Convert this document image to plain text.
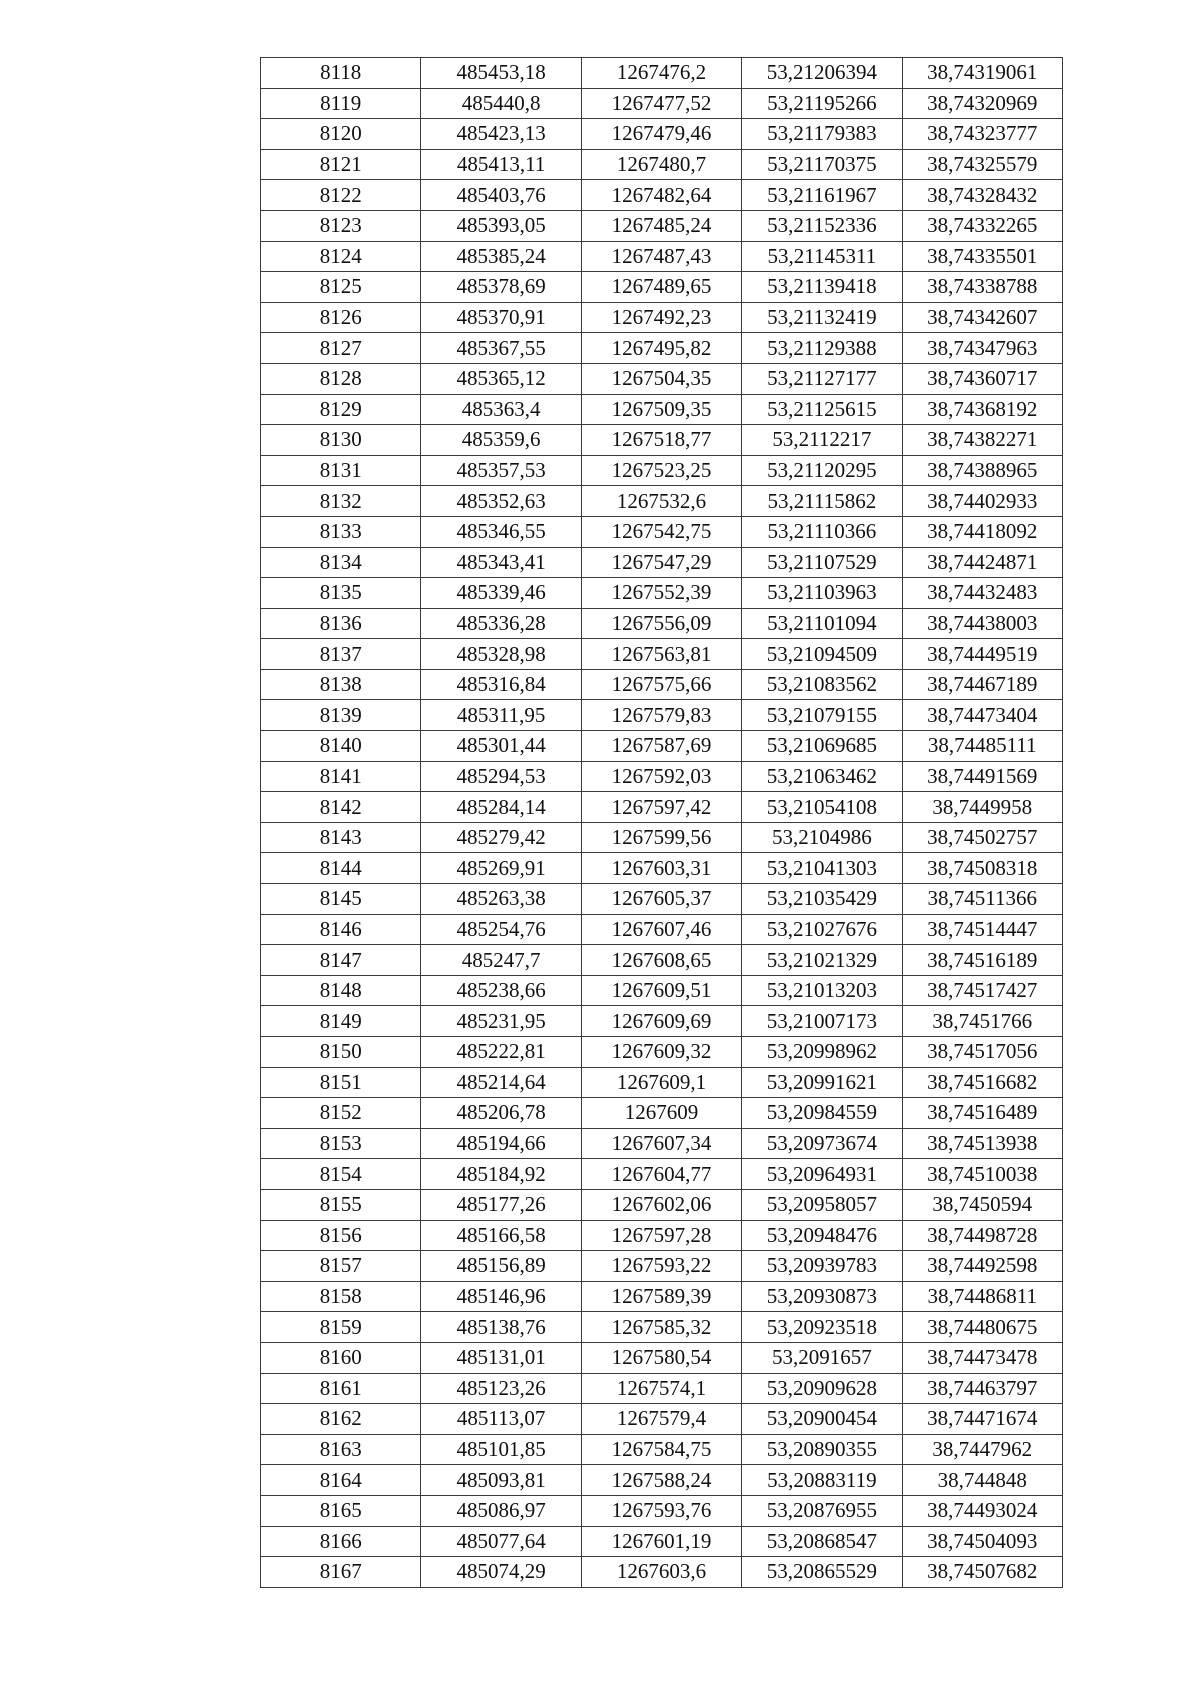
8118	485453,18	1267476,2	53,21206394	38,74319061
8119	485440,8	1267477,52	53,21195266	38,74320969
8120	485423,13	1267479,46	53,21179383	38,74323777
8121	485413,11	1267480,7	53,21170375	38,74325579
8122	485403,76	1267482,64	53,21161967	38,74328432
8123	485393,05	1267485,24	53,21152336	38,74332265
8124	485385,24	1267487,43	53,21145311	38,74335501
8125	485378,69	1267489,65	53,21139418	38,74338788
8126	485370,91	1267492,23	53,21132419	38,74342607
8127	485367,55	1267495,82	53,21129388	38,74347963
8128	485365,12	1267504,35	53,21127177	38,74360717
8129	485363,4	1267509,35	53,21125615	38,74368192
8130	485359,6	1267518,77	53,2112217	38,74382271
8131	485357,53	1267523,25	53,21120295	38,74388965
8132	485352,63	1267532,6	53,21115862	38,74402933
8133	485346,55	1267542,75	53,21110366	38,74418092
8134	485343,41	1267547,29	53,21107529	38,74424871
8135	485339,46	1267552,39	53,21103963	38,74432483
8136	485336,28	1267556,09	53,21101094	38,74438003
8137	485328,98	1267563,81	53,21094509	38,74449519
8138	485316,84	1267575,66	53,21083562	38,74467189
8139	485311,95	1267579,83	53,21079155	38,74473404
8140	485301,44	1267587,69	53,21069685	38,74485111
8141	485294,53	1267592,03	53,21063462	38,74491569
8142	485284,14	1267597,42	53,21054108	38,7449958
8143	485279,42	1267599,56	53,2104986	38,74502757
8144	485269,91	1267603,31	53,21041303	38,74508318
8145	485263,38	1267605,37	53,21035429	38,74511366
8146	485254,76	1267607,46	53,21027676	38,74514447
8147	485247,7	1267608,65	53,21021329	38,74516189
8148	485238,66	1267609,51	53,21013203	38,74517427
8149	485231,95	1267609,69	53,21007173	38,7451766
8150	485222,81	1267609,32	53,20998962	38,74517056
8151	485214,64	1267609,1	53,20991621	38,74516682
8152	485206,78	1267609	53,20984559	38,74516489
8153	485194,66	1267607,34	53,20973674	38,74513938
8154	485184,92	1267604,77	53,20964931	38,74510038
8155	485177,26	1267602,06	53,20958057	38,7450594
8156	485166,58	1267597,28	53,20948476	38,74498728
8157	485156,89	1267593,22	53,20939783	38,74492598
8158	485146,96	1267589,39	53,20930873	38,74486811
8159	485138,76	1267585,32	53,20923518	38,74480675
8160	485131,01	1267580,54	53,2091657	38,74473478
8161	485123,26	1267574,1	53,20909628	38,74463797
8162	485113,07	1267579,4	53,20900454	38,74471674
8163	485101,85	1267584,75	53,20890355	38,7447962
8164	485093,81	1267588,24	53,20883119	38,744848
8165	485086,97	1267593,76	53,20876955	38,74493024
8166	485077,64	1267601,19	53,20868547	38,74504093
8167	485074,29	1267603,6	53,20865529	38,74507682
